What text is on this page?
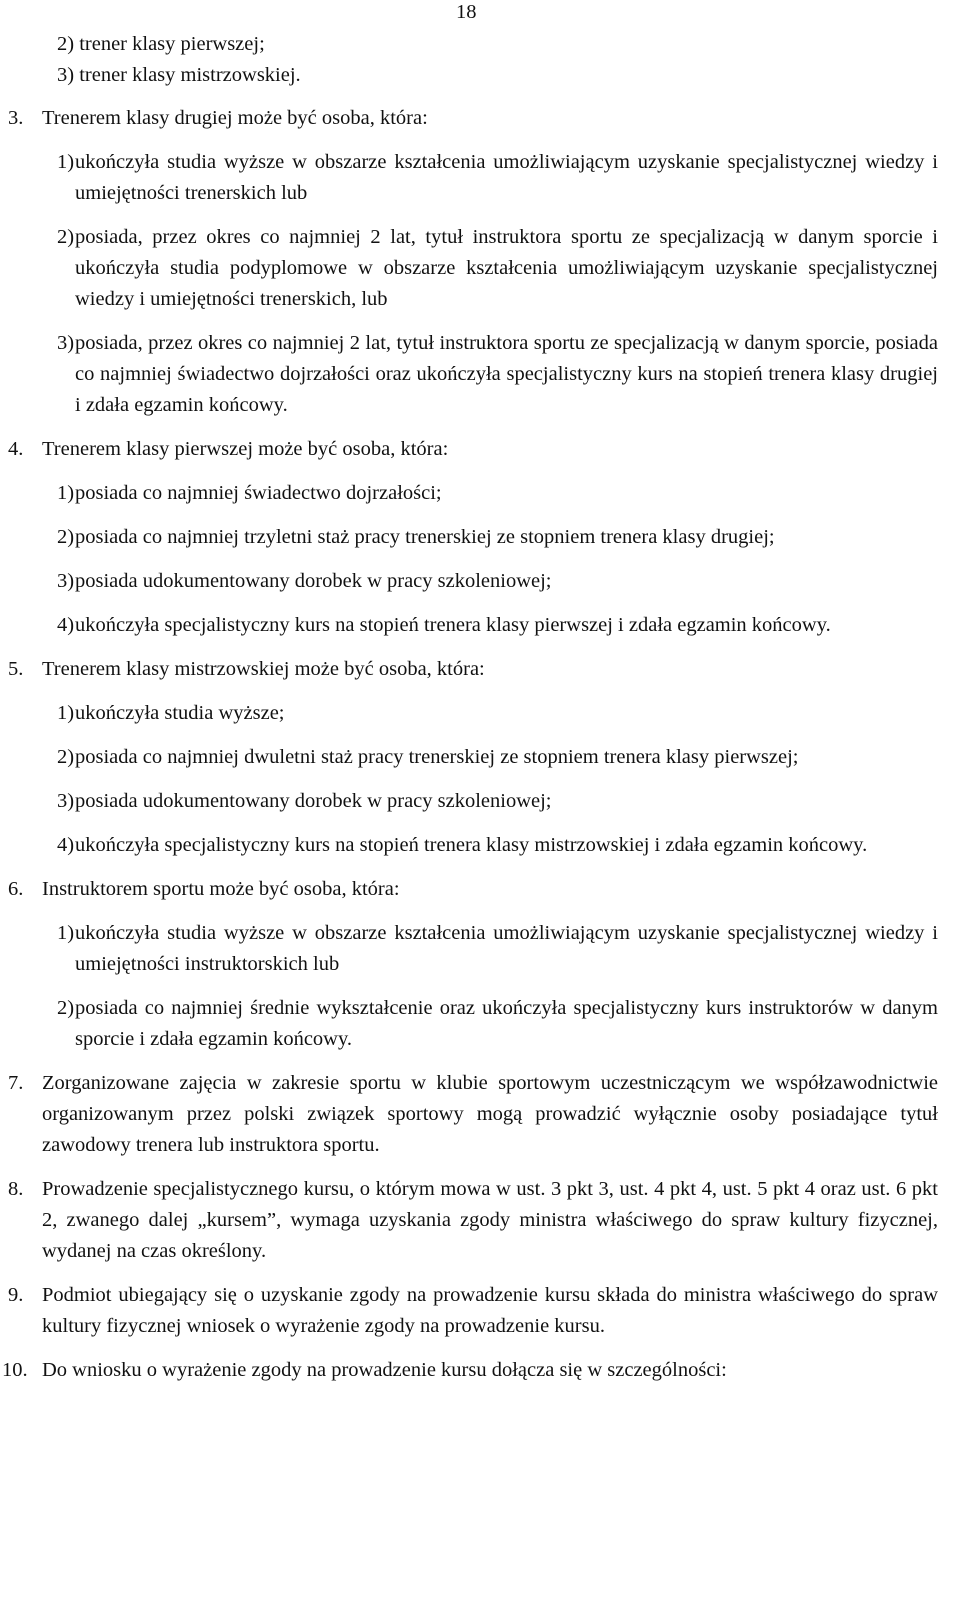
18
2) trener klasy pierwszej;
3) trener klasy mistrzowskiej.
3. Trenerem klasy drugiej może być osoba, która:
1) ukończyła studia wyższe w obszarze kształcenia umożliwiającym uzyskanie specjalistycznej wiedzy i umiejętności trenerskich lub
2) posiada, przez okres co najmniej 2 lat, tytuł instruktora sportu ze specjalizacją w danym sporcie i ukończyła studia podyplomowe w obszarze kształcenia umożliwiającym uzyskanie specjalistycznej wiedzy i umiejętności trenerskich, lub
3) posiada, przez okres co najmniej 2 lat, tytuł instruktora sportu ze specjalizacją w danym sporcie, posiada co najmniej świadectwo dojrzałości oraz ukończyła specjalistyczny kurs na stopień trenera klasy drugiej i zdała egzamin końcowy.
4. Trenerem klasy pierwszej może być osoba, która:
1) posiada co najmniej świadectwo dojrzałości;
2) posiada co najmniej trzyletni staż pracy trenerskiej ze stopniem trenera klasy drugiej;
3) posiada udokumentowany dorobek w pracy szkoleniowej;
4) ukończyła specjalistyczny kurs na stopień trenera klasy pierwszej i zdała egzamin końcowy.
5. Trenerem klasy mistrzowskiej może być osoba, która:
1) ukończyła studia wyższe;
2) posiada co najmniej dwuletni staż pracy trenerskiej ze stopniem trenera klasy pierwszej;
3) posiada udokumentowany dorobek w pracy szkoleniowej;
4) ukończyła specjalistyczny kurs na stopień trenera klasy mistrzowskiej i zdała egzamin końcowy.
6. Instruktorem sportu może być osoba, która:
1) ukończyła studia wyższe w obszarze kształcenia umożliwiającym uzyskanie specjalistycznej wiedzy i umiejętności instruktorskich lub
2) posiada co najmniej średnie wykształcenie oraz ukończyła specjalistyczny kurs instruktorów w danym sporcie i zdała egzamin końcowy.
7. Zorganizowane zajęcia w zakresie sportu w klubie sportowym uczestniczącym we współzawodnictwie organizowanym przez polski związek sportowy mogą prowadzić wyłącznie osoby posiadające tytuł zawodowy trenera lub instruktora sportu.
8. Prowadzenie specjalistycznego kursu, o którym mowa w ust. 3 pkt 3, ust. 4 pkt 4, ust. 5 pkt 4 oraz ust. 6 pkt 2, zwanego dalej „kursem”, wymaga uzyskania zgody ministra właściwego do spraw kultury fizycznej, wydanej na czas określony.
9. Podmiot ubiegający się o uzyskanie zgody na prowadzenie kursu składa do ministra właściwego do spraw kultury fizycznej wniosek o wyrażenie zgody na prowadzenie kursu.
10. Do wniosku o wyrażenie zgody na prowadzenie kursu dołącza się w szczególności:
